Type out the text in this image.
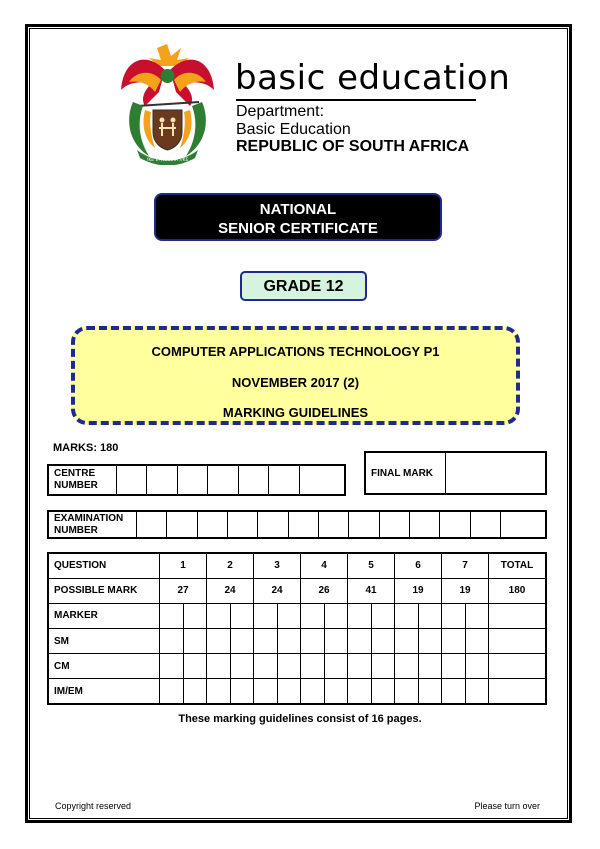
!KE E: /XARRA //KE
basic education
Department:
Basic Education
REPUBLIC OF SOUTH AFRICA
NATIONAL
SENIOR CERTIFICATE
GRADE 12
COMPUTER APPLICATIONS TECHNOLOGY P1
NOVEMBER 2017 (2)
MARKING GUIDELINES
MARKS: 180
CENTRE NUMBER							
FINAL MARK	
EXAMINATION NUMBER													
QUESTION	1		2		3		4		5		6		7		TOTAL
POSSIBLE MARK	27		24		24		26		41		19		19		180
MARKER															
SM															
CM															
IM/EM															
These marking guidelines consist of 16 pages.
Copyright reserved	Please turn over
